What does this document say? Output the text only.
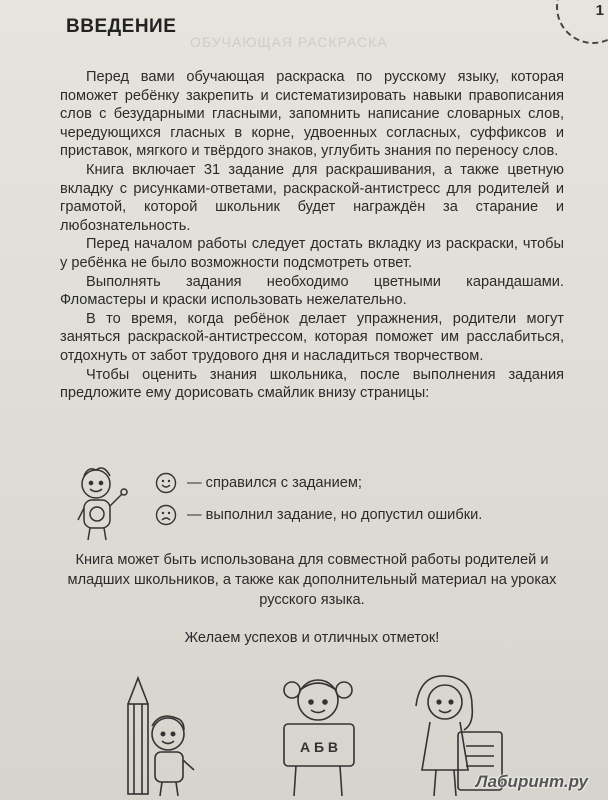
ОБУЧАЮЩАЯ РАСКРАСКА
1
ВВЕДЕНИЕ

Перед вами обучающая раскраска по русскому языку, которая поможет ребёнку закрепить и систематизировать навыки правописания слов с безударными гласными, запомнить написание словарных слов, чередующихся гласных в корне, удвоенных согласных, суффиксов и приставок, мягкого и твёрдого знаков, углубить знания по переносу слов.

Книга включает 31 задание для раскрашивания, а также цветную вкладку с рисунками-ответами, раскраской-антистресс для родителей и грамотой, которой школьник будет награждён за старание и любознательность.

Перед началом работы следует достать вкладку из раскраски, чтобы у ребёнка не было возможности подсмотреть ответ.

Выполнять задания необходимо цветными карандашами. Фломастеры и краски использовать нежелательно.

В то время, когда ребёнок делает упражнения, родители могут заняться раскраской-антистрессом, которая поможет им расслабиться, отдохнуть от забот трудового дня и насладиться творчеством.

Чтобы оценить знания школьника, после выполнения задания предложите ему дорисовать смайлик внизу страницы:

— справился с заданием;
— выполнил задание, но допустил ошибки.
Книга может быть использована для совместной работы родителей и младших школьников, а также как дополнительный материал на уроках русского языка.
Желаем успехов и отличных отметок!
А Б В
Лабиринт.ру
